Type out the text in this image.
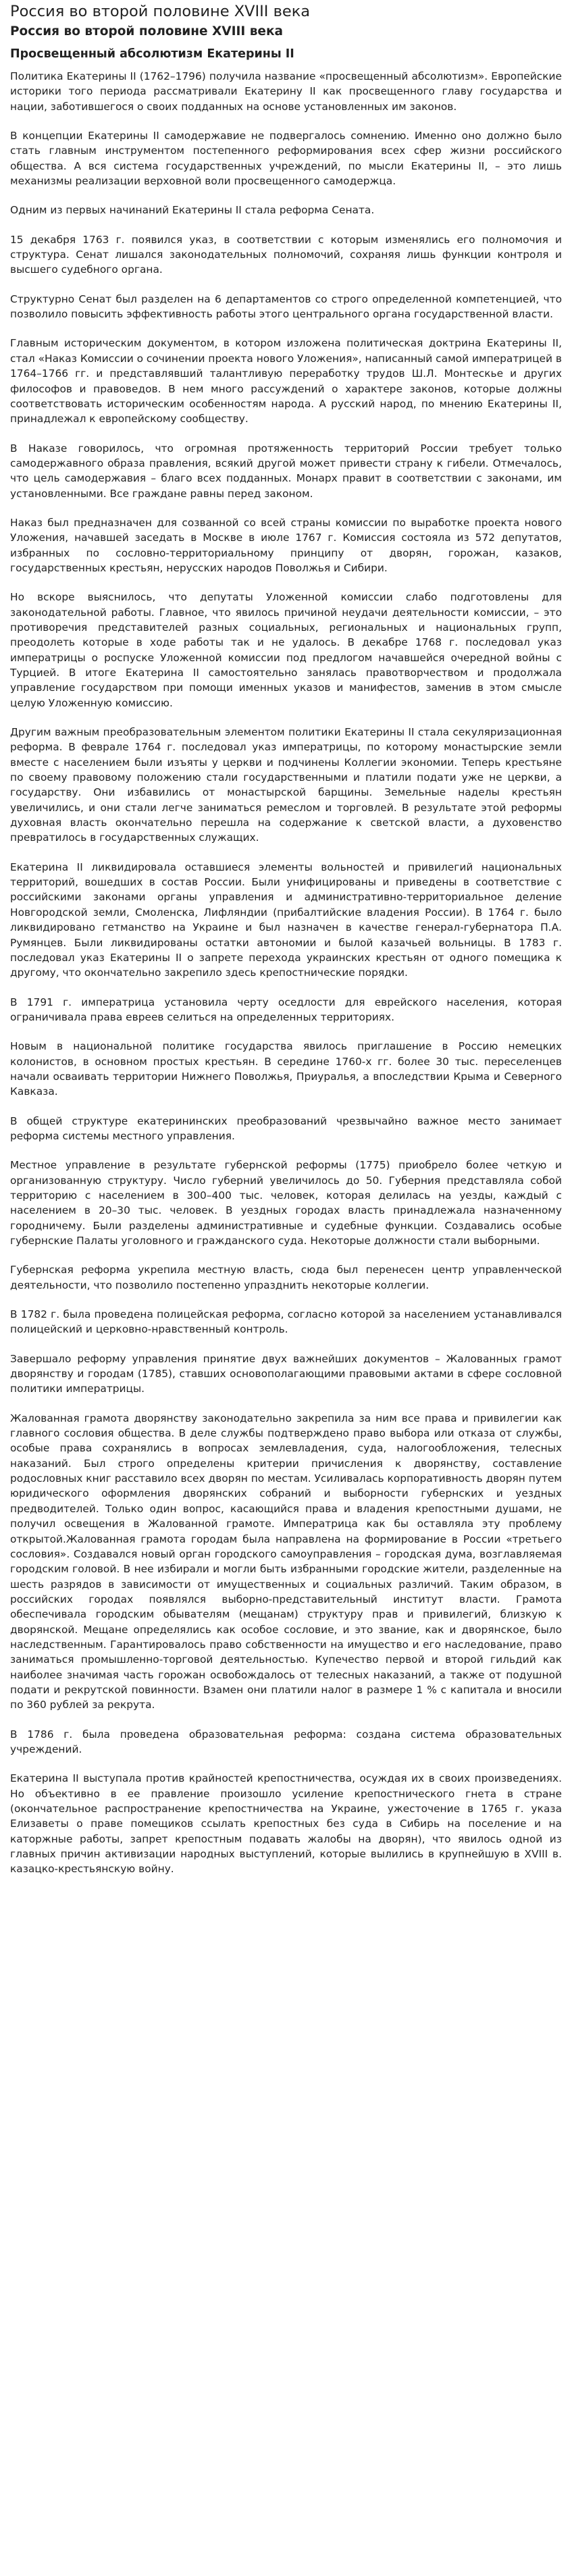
Россия во второй половине XVIII века
Россия во второй половине XVIII века
Просвещенный абсолютизм Екатерины II

Политика Екатерины II (1762–1796) получила название «просвещенный абсолютизм». Европейские историки того периода рассматривали Екатерину II как просвещенного главу государства и нации, заботившегося о своих подданных на основе установленных им законов.

В концепции Екатерины II самодержавие не подвергалось сомнению. Именно оно должно было стать главным инструментом постепенного реформирования всех сфер жизни российского общества. А вся система государственных учреждений, по мысли Екатерины II, – это лишь механизмы реализации верховной воли просвещенного самодержца.

Одним из первых начинаний Екатерины II стала реформа Сената.

15 декабря 1763 г. появился указ, в соответствии с которым изменялись его полномочия и структура. Сенат лишался законодательных полномочий, сохраняя лишь функции контроля и высшего судебного органа.

Структурно Сенат был разделен на 6 департаментов со строго определенной компетенцией, что позволило повысить эффективность работы этого центрального органа государственной власти.

Главным историческим документом, в котором изложена политическая доктрина Екатерины II, стал «Наказ Комиссии о сочинении проекта нового Уложения», написанный самой императрицей в 1764–1766 гг. и представлявший талантливую переработку трудов Ш.Л. Монтескье и других философов и правоведов. В нем много рассуждений о характере законов, которые должны соответствовать историческим особенностям народа. А русский народ, по мнению Екатерины II, принадлежал к европейскому сообществу.

В Наказе говорилось, что огромная протяженность территорий России требует только самодержавного образа правления, всякий другой может привести страну к гибели. Отмечалось, что цель самодержавия – благо всех подданных. Монарх правит в соответствии с законами, им установленными. Все граждане равны перед законом.

Наказ был предназначен для созванной со всей страны комиссии по выработке проекта нового Уложения, начавшей заседать в Москве в июле 1767 г. Комиссия состояла из 572 депутатов, избранных по сословно-территориальному принципу от дворян, горожан, казаков, государственных крестьян, нерусских народов Поволжья и Сибири.

Но вскоре выяснилось, что депутаты Уложенной комиссии слабо подготовлены для законодательной работы. Главное, что явилось причиной неудачи деятельности комиссии, – это противоречия представителей разных социальных, региональных и национальных групп, преодолеть которые в ходе работы так и не удалось. В декабре 1768 г. последовал указ императрицы о роспуске Уложенной комиссии под предлогом начавшейся очередной войны с Турцией. В итоге Екатерина II самостоятельно занялась правотворчеством и продолжала управление государством при помощи именных указов и манифестов, заменив в этом смысле целую Уложенную комиссию.

Другим важным преобразовательным элементом политики Екатерины II стала секуляризационная реформа. В феврале 1764 г. последовал указ императрицы, по которому монастырские земли вместе с населением были изъяты у церкви и подчинены Коллегии экономии. Теперь крестьяне по своему правовому положению стали государственными и платили подати уже не церкви, а государству. Они избавились от монастырской барщины. Земельные наделы крестьян увеличились, и они стали легче заниматься ремеслом и торговлей. В результате этой реформы духовная власть окончательно перешла на содержание к светской власти, а духовенство превратилось в государственных служащих.

Екатерина II ликвидировала оставшиеся элементы вольностей и привилегий национальных территорий, вошедших в состав России. Были унифицированы и приведены в соответствие с российскими законами органы управления и административно-территориальное деление Новгородской земли, Смоленска, Лифляндии (прибалтийские владения России). В 1764 г. было ликвидировано гетманство на Украине и был назначен в качестве генерал-губернатора П.А. Румянцев. Были ликвидированы остатки автономии и былой казачьей вольницы. В 1783 г. последовал указ Екатерины II о запрете перехода украинских крестьян от одного помещика к другому, что окончательно закрепило здесь крепостнические порядки.

В 1791 г. императрица установила черту оседлости для еврейского населения, которая ограничивала права евреев селиться на определенных территориях.

Новым в национальной политике государства явилось приглашение в Россию немецких колонистов, в основном простых крестьян. В середине 1760-х гг. более 30 тыс. переселенцев начали осваивать территории Нижнего Поволжья, Приуралья, а впоследствии Крыма и Северного Кавказа.

В общей структуре екатерининских преобразований чрезвычайно важное место занимает реформа системы местного управления.

Местное управление в результате губернской реформы (1775) приобрело более четкую и организованную структуру. Число губерний увеличилось до 50. Губерния представляла собой территорию с населением в 300–400 тыс. человек, которая делилась на уезды, каждый с населением в 20–30 тыс. человек. В уездных городах власть принадлежала назначенному городничему. Были разделены административные и судебные функции. Создавались особые губернские Палаты уголовного и гражданского суда. Некоторые должности стали выборными.

Губернская реформа укрепила местную власть, сюда был перенесен центр управленческой деятельности, что позволило постепенно упразднить некоторые коллегии.

В 1782 г. была проведена полицейская реформа, согласно которой за населением устанавливался полицейский и церковно-нравственный контроль.

Завершало реформу управления принятие двух важнейших документов – Жалованных грамот дворянству и городам (1785), ставших основополагающими правовыми актами в сфере сословной политики императрицы.

Жалованная грамота дворянству законодательно закрепила за ним все права и привилегии как главного сословия общества. В деле службы подтверждено право выбора или отказа от службы, особые права сохранялись в вопросах землевладения, суда, налогообложения, телесных наказаний. Был строго определены критерии причисления к дворянству, составление родословных книг расставило всех дворян по местам. Усиливалась корпоративность дворян путем юридического оформления дворянских собраний и выборности губернских и уездных предводителей. Только один вопрос, касающийся права и владения крепостными душами, не получил освещения в Жалованной грамоте. Императрица как бы оставляла эту проблему открытой.Жалованная грамота городам была направлена на формирование в России «третьего сословия». Создавался новый орган городского самоуправления – городская дума, возглавляемая городским головой. В нее избирали и могли быть избранными городские жители, разделенные на шесть разрядов в зависимости от имущественных и социальных различий. Таким образом, в российских городах появлялся выборно-представительный институт власти. Грамота обеспечивала городским обывателям (мещанам) структуру прав и привилегий, близкую к дворянской. Мещане определялись как особое сословие, и это звание, как и дворянское, было наследственным. Гарантировалось право собственности на имущество и его наследование, право заниматься промышленно-торговой деятельностью. Купечество первой и второй гильдий как наиболее значимая часть горожан освобождалось от телесных наказаний, а также от подушной подати и рекрутской повинности. Взамен они платили налог в размере 1 % с капитала и вносили по 360 рублей за рекрута.

В 1786 г. была проведена образовательная реформа: создана система образовательных учреждений.

Екатерина II выступала против крайностей крепостничества, осуждая их в своих произведениях. Но объективно в ее правление произошло усиление крепостнического гнета в стране (окончательное распространение крепостничества на Украине, ужесточение в 1765 г. указа Елизаветы о праве помещиков ссылать крепостных без суда в Сибирь на поселение и на каторжные работы, запрет крепостным подавать жалобы на дворян), что явилось одной из главных причин активизации народных выступлений, которые вылились в крупнейшую в XVIII в. казацко-крестьянскую войну.
